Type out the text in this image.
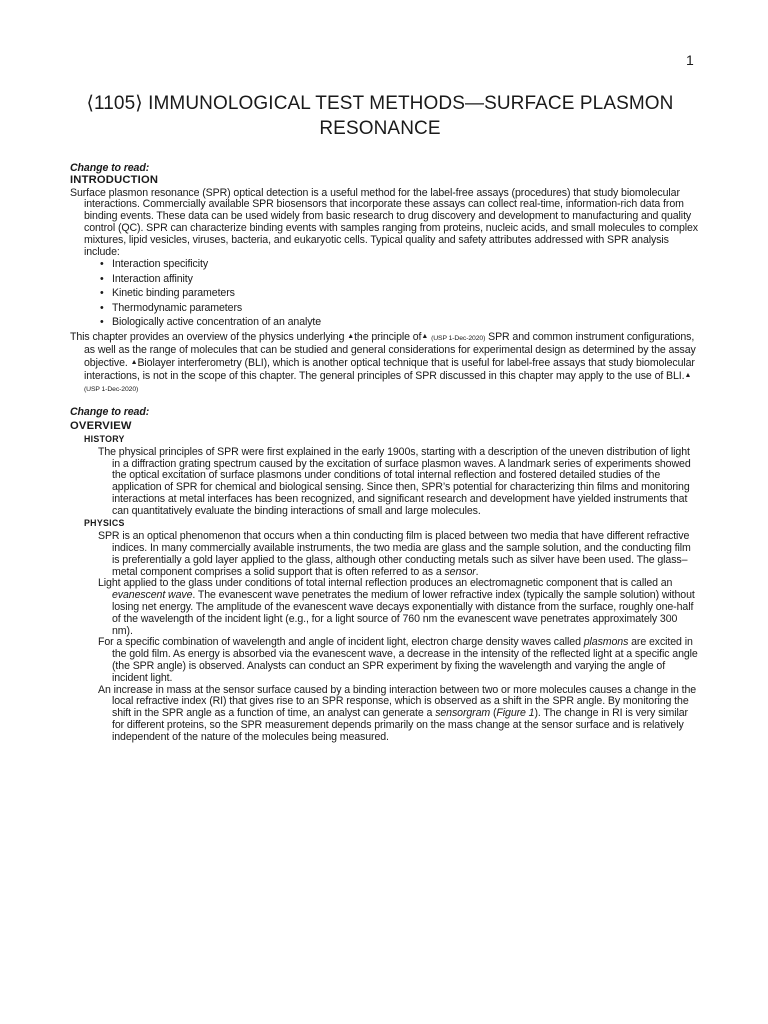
1
⟨1105⟩ IMMUNOLOGICAL TEST METHODS—SURFACE PLASMON RESONANCE

Change to read:

INTRODUCTION

Surface plasmon resonance (SPR) optical detection is a useful method for the label-free assays (procedures) that study biomolecular interactions. Commercially available SPR biosensors that incorporate these assays can collect real-time, information-rich data from binding events. These data can be used widely from basic research to drug discovery and development to manufacturing and quality control (QC). SPR can characterize binding events with samples ranging from proteins, nucleic acids, and small molecules to complex mixtures, lipid vesicles, viruses, bacteria, and eukaryotic cells. Typical quality and safety attributes addressed with SPR analysis include:

• Interaction specificity
• Interaction affinity
• Kinetic binding parameters
• Thermodynamic parameters
• Biologically active concentration of an analyte

This chapter provides an overview of the physics underlying ▲the principle of▲ (USP 1-Dec-2020) SPR and common instrument configurations, as well as the range of molecules that can be studied and general considerations for experimental design as determined by the assay objective. ▲Biolayer interferometry (BLI), which is another optical technique that is useful for label-free assays that study biomolecular interactions, is not in the scope of this chapter. The general principles of SPR discussed in this chapter may apply to the use of BLI.▲ (USP 1-Dec-2020)

Change to read:

OVERVIEW

HISTORY

The physical principles of SPR were first explained in the early 1900s, starting with a description of the uneven distribution of light in a diffraction grating spectrum caused by the excitation of surface plasmon waves. A landmark series of experiments showed the optical excitation of surface plasmons under conditions of total internal reflection and fostered detailed studies of the application of SPR for chemical and biological sensing. Since then, SPR’s potential for characterizing thin films and monitoring interactions at metal interfaces has been recognized, and significant research and development have yielded instruments that can quantitatively evaluate the binding interactions of small and large molecules.

PHYSICS

SPR is an optical phenomenon that occurs when a thin conducting film is placed between two media that have different refractive indices. In many commercially available instruments, the two media are glass and the sample solution, and the conducting film is preferentially a gold layer applied to the glass, although other conducting metals such as silver have been used. The glass–metal component comprises a solid support that is often referred to as a sensor.

Light applied to the glass under conditions of total internal reflection produces an electromagnetic component that is called an evanescent wave. The evanescent wave penetrates the medium of lower refractive index (typically the sample solution) without losing net energy. The amplitude of the evanescent wave decays exponentially with distance from the surface, roughly one-half of the wavelength of the incident light (e.g., for a light source of 760 nm the evanescent wave penetrates approximately 300 nm).

For a specific combination of wavelength and angle of incident light, electron charge density waves called plasmons are excited in the gold film. As energy is absorbed via the evanescent wave, a decrease in the intensity of the reflected light at a specific angle (the SPR angle) is observed. Analysts can conduct an SPR experiment by fixing the wavelength and varying the angle of incident light.

An increase in mass at the sensor surface caused by a binding interaction between two or more molecules causes a change in the local refractive index (RI) that gives rise to an SPR response, which is observed as a shift in the SPR angle. By monitoring the shift in the SPR angle as a function of time, an analyst can generate a sensorgram (Figure 1). The change in RI is very similar for different proteins, so the SPR measurement depends primarily on the mass change at the sensor surface and is relatively independent of the nature of the molecules being measured.
